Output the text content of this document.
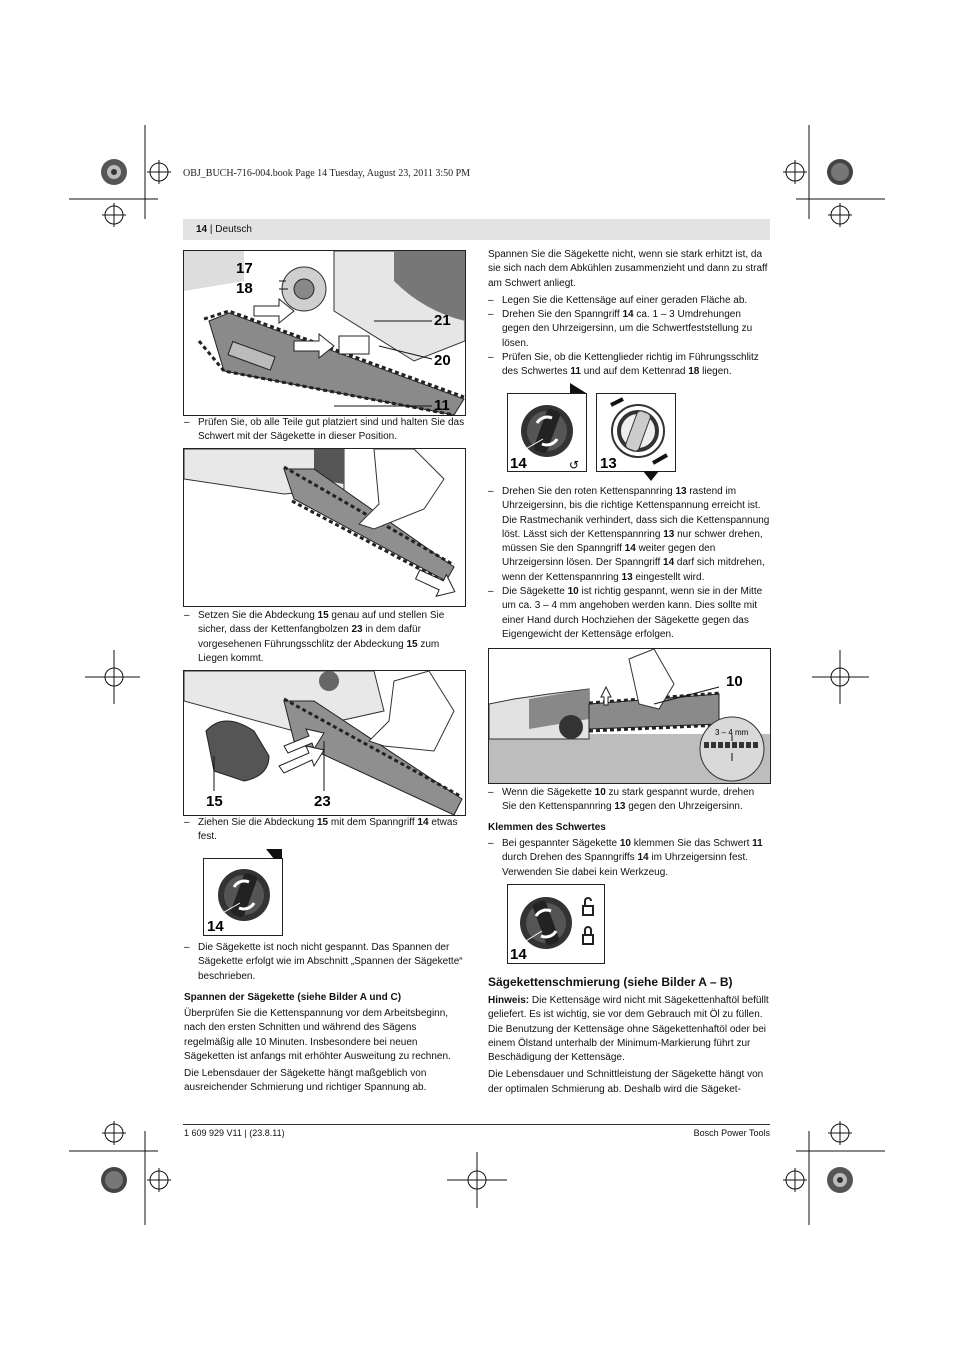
OBJ_BUCH-716-004.book Page 14 Tuesday, August 23, 2011 3:50 PM
14 | Deutsch
17
18
21
20
11

– Prüfen Sie, ob alle Teile gut platziert sind und halten Sie das Schwert mit der Sägekette in dieser Position.

– Setzen Sie die Abdeckung 15 genau auf und stellen Sie sicher, dass der Kettenfangbolzen 23 in dem dafür vorgesehenen Führungsschlitz der Abdeckung 15 zum Liegen kommt.

15	23

– Ziehen Sie die Abdeckung 15 mit dem Spanngriff 14 etwas fest.

14

– Die Sägekette ist noch nicht gespannt. Das Spannen der Sägekette erfolgt wie im Abschnitt „Spannen der Sägekette“ beschrieben.

Spannen der Sägekette (siehe Bilder A und C)

Überprüfen Sie die Kettenspannung vor dem Arbeitsbeginn, nach den ersten Schnitten und während des Sägens regelmäßig alle 10 Minuten. Insbesondere bei neuen Sägeketten ist anfangs mit erhöhter Ausweitung zu rechnen.

Die Lebensdauer der Sägekette hängt maßgeblich von ausreichender Schmierung und richtiger Spannung ab.

Spannen Sie die Sägekette nicht, wenn sie stark erhitzt ist, da sie sich nach dem Abkühlen zusammenzieht und dann zu straff am Schwert anliegt.

– Legen Sie die Kettensäge auf einer geraden Fläche ab.

– Drehen Sie den Spanngriff 14 ca. 1 – 3 Umdrehungen gegen den Uhrzeigersinn, um die Schwertfeststellung zu lösen.

– Prüfen Sie, ob die Kettenglieder richtig im Führungsschlitz des Schwertes 11 und auf dem Kettenrad 18 liegen.

14	↺ 13

– Drehen Sie den roten Kettenspannring 13 rastend im Uhrzeigersinn, bis die richtige Kettenspannung erreicht ist. Die Rastmechanik verhindert, dass sich die Kettenspannung löst. Lässt sich der Kettenspannring 13 nur schwer drehen, müssen Sie den Spanngriff 14 weiter gegen den Uhrzeigersinn lösen. Der Spanngriff 14 darf sich mitdrehen, wenn der Kettenspannring 13 eingestellt wird.

– Die Sägekette 10 ist richtig gespannt, wenn sie in der Mitte um ca. 3 – 4 mm angehoben werden kann. Dies sollte mit einer Hand durch Hochziehen der Sägekette gegen das Eigengewicht der Kettensäge erfolgen.

3 – 4 mm
10

– Wenn die Sägekette 10 zu stark gespannt wurde, drehen Sie den Kettenspannring 13 gegen den Uhrzeigersinn.

Klemmen des Schwertes

– Bei gespannter Sägekette 10 klemmen Sie das Schwert 11 durch Drehen des Spanngriffs 14 im Uhrzeigersinn fest. Verwenden Sie dabei kein Werkzeug.

14
Sägekettenschmierung (siehe Bilder A – B)

Hinweis: Die Kettensäge wird nicht mit Sägekettenhaftöl befüllt geliefert. Es ist wichtig, sie vor dem Gebrauch mit Öl zu füllen. Die Benutzung der Kettensäge ohne Sägekettenhaftöl oder bei einem Ölstand unterhalb der Minimum-Markierung führt zur Beschädigung der Kettensäge.

Die Lebensdauer und Schnittleistung der Sägekette hängt von der optimalen Schmierung ab. Deshalb wird die Sägeket-

1 609 929 V11 | (23.8.11)	Bosch Power Tools
